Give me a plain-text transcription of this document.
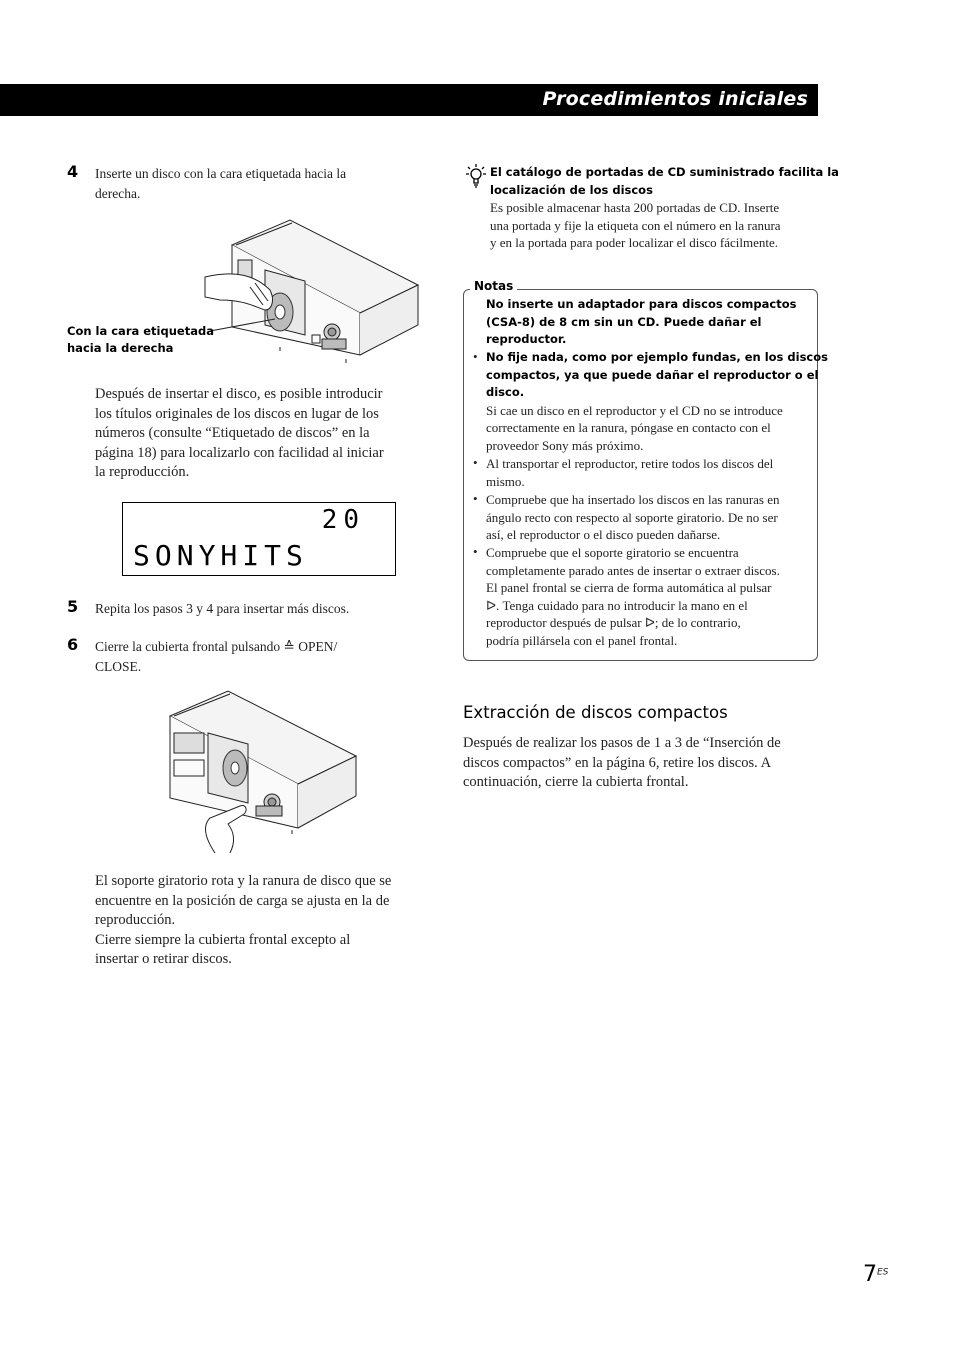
Procedimientos iniciales
4 Inserte un disco con la cara etiquetada hacia la
derecha.
Con la cara etiquetada
hacia la derecha
Después de insertar el disco, es posible introducir
los títulos originales de los discos en lugar de los
números (consulte “Etiquetado de discos” en la
página 18) para localizarlo con facilidad al iniciar
la reproducción.
20
SONYHITS
5 Repita los pasos 3 y 4 para insertar más discos.
6 Cierre la cubierta frontal pulsando ≙ OPEN/
CLOSE.
El soporte giratorio rota y la ranura de disco que se
encuentre en la posición de carga se ajusta en la de
reproducción.
Cierre siempre la cubierta frontal excepto al
insertar o retirar discos.
El catálogo de portadas de CD suministrado facilita la
localización de los discos
Es posible almacenar hasta 200 portadas de CD. Inserte
una portada y fije la etiqueta con el número en la ranura
y en la portada para poder localizar el disco fácilmente.
Notas
No inserte un adaptador para discos compactos
(CSA-8) de 8 cm sin un CD. Puede dañar el
reproductor.
• No fije nada, como por ejemplo fundas, en los discos
compactos, ya que puede dañar el reproductor o el
disco.
Si cae un disco en el reproductor y el CD no se introduce
correctamente en la ranura, póngase en contacto con el
proveedor Sony más próximo.
• Al transportar el reproductor, retire todos los discos del
mismo.
• Compruebe que ha insertado los discos en las ranuras en
ángulo recto con respecto al soporte giratorio. De no ser
así, el reproductor o el disco pueden dañarse.
• Compruebe que el soporte giratorio se encuentra
completamente parado antes de insertar o extraer discos.
El panel frontal se cierra de forma automática al pulsar
ᐅ. Tenga cuidado para no introducir la mano en el
reproductor después de pulsar ᐅ; de lo contrario,
podría pillársela con el panel frontal.
Extracción de discos compactos
Después de realizar los pasos de 1 a 3 de “Inserción de
discos compactos” en la página 6, retire los discos. A
continuación, cierre la cubierta frontal.
$7^{ES}$
